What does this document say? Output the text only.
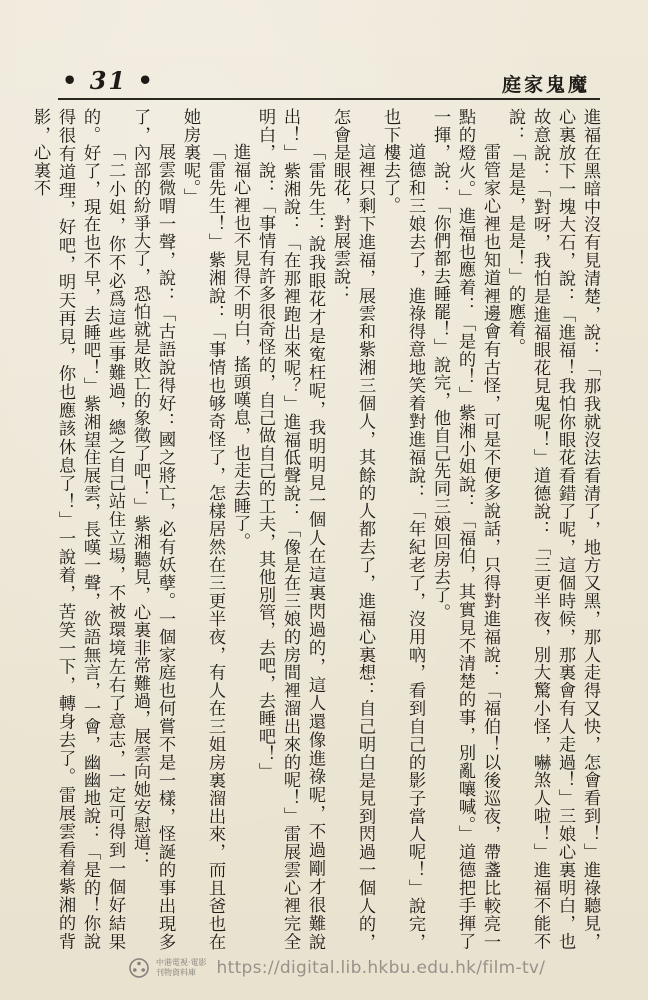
• 31 •	魔鬼家庭

進福在黑暗中沒有見清楚，說：「那我就沒法看清了，地方又黑，那人走得又快，怎會看到！」進祿聽見，心裏放下一塊大石，說：「進福！我怕你眼花看錯了呢，這個時候，那裏會有人走過！」三娘心裏明白，也故意說：「對呀，我怕是進福眼花見鬼呢！」道德說：「三更半夜，別大驚小怪，嚇煞人啦！」進福不能不說：「是是，是是！」的應着。

雷管家心裡也知道裡邊會有古怪，可是不便多說話，只得對進福說：「福伯！以後巡夜，帶盞比較亮一點的燈火。」進福也應着：「是的！」紫湘小姐說：「福伯，其實見不清楚的事，別亂嚷喊。」道德把手揮了一揮，說：「你們都去睡罷！」說完，他自己先同三娘回房去了。

道德和三娘去了，進祿得意地笑着對進福說：「年紀老了，沒用吶，看到自己的影子當人呢！」說完，也下樓去了。

這裡只剩下進福，展雲和紫湘三個人，其餘的人都去了，進福心裏想：自己明白是見到閃過一個人的，怎會是眼花，對展雲說：

「雷先生：說我眼花才是寃枉呢，我明明見一個人在這裏閃過的，這人還像進祿呢，不過剛才很難說出！」紫湘說：「在那裡跑出來呢？」進福低聲說：「像是在三娘的房間裡溜出來的呢！」雷展雲心裡完全明白，說：「事情有許多很奇怪的，自己做自己的工夫，其他別管，去吧，去睡吧！」

進福心裡也不見得不明白，搖頭嘆息，也走去睡了。

「雷先生！」紫湘說：「事情也够奇怪了，怎樣居然在三更半夜，有人在三姐房裏溜出來，而且爸也在她房裏呢。」

展雲微喟一聲，說：「古語說得好：國之將亡，必有妖孽。一個家庭也何嘗不是一樣，怪誕的事出現多了，內部的紛爭大了，恐怕就是敗亡的象徵了吧！」紫湘聽見，心裏非常難過，展雲向她安慰道：

「二小姐，你不必爲這些事難過，總之自己站住立場，不被環境左右了意志，一定可得到一個好結果的。好了，現在也不早，去睡吧！」紫湘望住展雲，長嘆一聲，欲語無言，一會，幽幽地說：「是的！你說得很有道理，好吧，明天再見，你也應該休息了！」一說着，苦笑一下，轉身去了。雷展雲看着紫湘的背影，心裏不

中港電視·電影
刊物資料庫	https://digital.lib.hkbu.edu.hk/film-tv/
